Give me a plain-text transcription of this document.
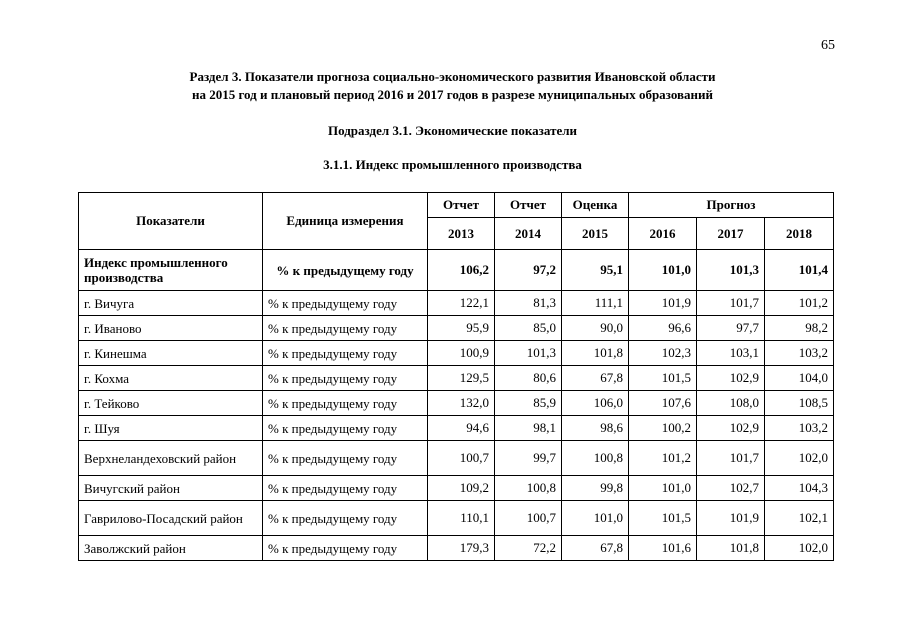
65
Раздел 3. Показатели прогноза социально-экономического развития Ивановской области
на 2015 год и плановый период 2016 и 2017 годов в разрезе муниципальных образований
Подраздел 3.1. Экономические показатели
3.1.1. Индекс промышленного производства
Показатели	Единица измерения	Отчет	Отчет	Оценка	Прогноз		
		2013	2014	2015	2016	2017	2018
Индекс промышленного производства	% к предыдущему году	106,2	97,2	95,1	101,0	101,3	101,4
г. Вичуга	% к предыдущему году	122,1	81,3	111,1	101,9	101,7	101,2
г. Иваново	% к предыдущему году	95,9	85,0	90,0	96,6	97,7	98,2
г. Кинешма	% к предыдущему году	100,9	101,3	101,8	102,3	103,1	103,2
г. Кохма	% к предыдущему году	129,5	80,6	67,8	101,5	102,9	104,0
г. Тейково	% к предыдущему году	132,0	85,9	106,0	107,6	108,0	108,5
г. Шуя	% к предыдущему году	94,6	98,1	98,6	100,2	102,9	103,2
Верхнеландеховский район	% к предыдущему году	100,7	99,7	100,8	101,2	101,7	102,0
Вичугский район	% к предыдущему году	109,2	100,8	99,8	101,0	102,7	104,3
Гаврилово-Посадский район	% к предыдущему году	110,1	100,7	101,0	101,5	101,9	102,1
Заволжский район	% к предыдущему году	179,3	72,2	67,8	101,6	101,8	102,0
